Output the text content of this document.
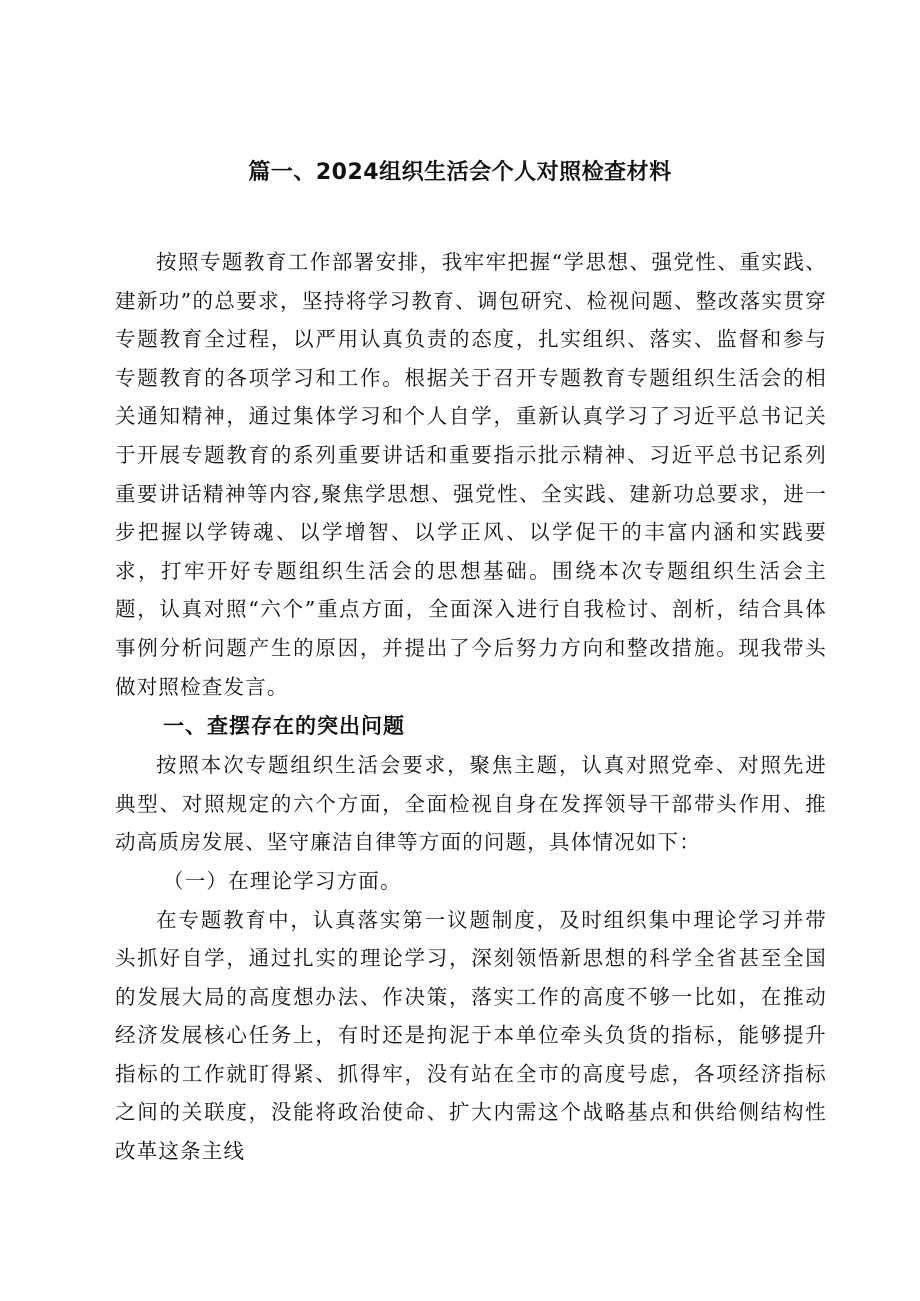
篇一、2024组织生活会个人对照检查材料

按照专题教育工作部署安排，我牢牢把握“学思想、强党性、重实践、建新功”的总要求，坚持将学习教育、调包研究、检视问题、整改落实贯穿专题教育全过程，以严用认真负责的态度，扎实组织、落实、监督和参与专题教育的各项学习和工作。根据关于召开专题教育专题组织生活会的相关通知精神，通过集体学习和个人自学，重新认真学习了习近平总书记关于开展专题教育的系列重要讲话和重要指示批示精神、习近平总书记系列重要讲话精神等内容,聚焦学思想、强党性、全实践、建新功总要求，进一步把握以学铸魂、以学增智、以学正风、以学促干的丰富内涵和实践要求，打牢开好专题组织生活会的思想基础。围绕本次专题组织生活会主题，认真对照“六个”重点方面，全面深入进行自我检讨、剖析，结合具体事例分析问题产生的原因，并提出了今后努力方向和整改措施。现我带头做对照检查发言。

一、查摆存在的突出问题

按照本次专题组织生活会要求，聚焦主题，认真对照党牵、对照先进典型、对照规定的六个方面，全面检视自身在发挥领导干部带头作用、推动高质房发展、坚守廉洁自律等方面的问题，具体情况如下：

（一）在理论学习方面。

在专题教育中，认真落实第一议题制度，及时组织集中理论学习并带头抓好自学，通过扎实的理论学习，深刻领悟新思想的科学全省甚至全国的发展大局的高度想办法、作决策，落实工作的高度不够一比如，在推动经济发展核心任务上，有时还是拘泥于本单位牵头负货的指标，能够提升指标的工作就盯得紧、抓得牢，没有站在全市的高度号虑，各项经济指标之间的关联度，没能将政治使命、扩大内需这个战略基点和供给侧结构性改革这条主线
